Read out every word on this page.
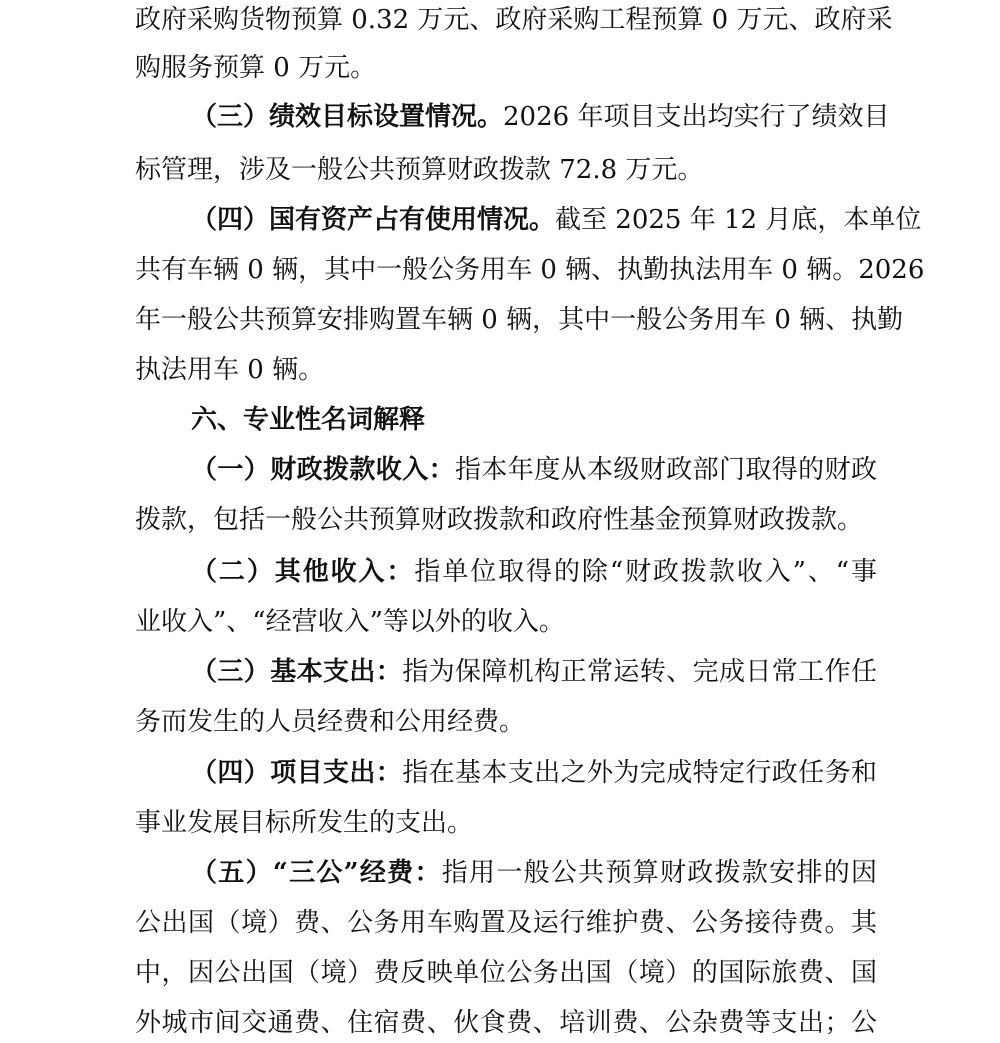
政府采购货物预算 0.32 万元、政府采购工程预算 0 万元、政府采
购服务预算 0 万元。
（三）绩效目标设置情况。2026 年项目支出均实行了绩效目
标管理，涉及一般公共预算财政拨款 72.8 万元。
（四）国有资产占有使用情况。截至 2025 年 12 月底，本单位
共有车辆 0 辆，其中一般公务用车 0 辆、执勤执法用车 0 辆。2026
年一般公共预算安排购置车辆 0 辆，其中一般公务用车 0 辆、执勤
执法用车 0 辆。
六、专业性名词解释
（一）财政拨款收入：指本年度从本级财政部门取得的财政
拨款，包括一般公共预算财政拨款和政府性基金预算财政拨款。
（二）其他收入：指单位取得的除“财政拨款收入”、“事
业收入”、“经营收入”等以外的收入。
（三）基本支出：指为保障机构正常运转、完成日常工作任
务而发生的人员经费和公用经费。
（四）项目支出：指在基本支出之外为完成特定行政任务和
事业发展目标所发生的支出。
（五）“三公”经费：指用一般公共预算财政拨款安排的因
公出国（境）费、公务用车购置及运行维护费、公务接待费。其
中，因公出国（境）费反映单位公务出国（境）的国际旅费、国
外城市间交通费、住宿费、伙食费、培训费、公杂费等支出；公
